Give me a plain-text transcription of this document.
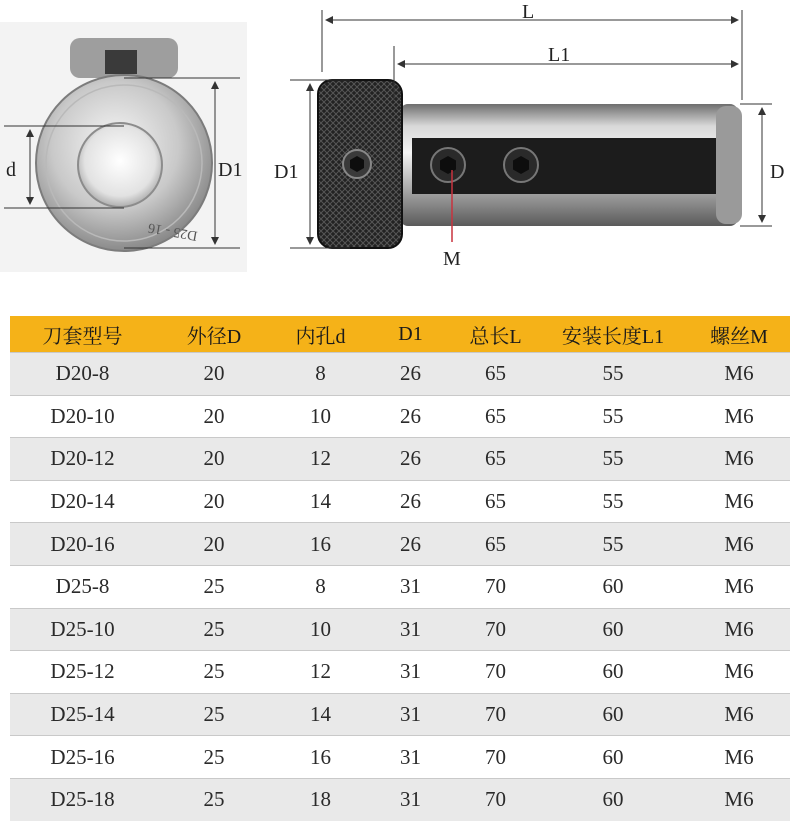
D25 - 16
d	D1
M
L
L1
D1	D
刀套型号	外径D	内孔d	D1	总长L	安装长度L1	螺丝M
D20-8	20	8	26	65	55	M6
D20-10	20	10	26	65	55	M6
D20-12	20	12	26	65	55	M6
D20-14	20	14	26	65	55	M6
D20-16	20	16	26	65	55	M6
D25-8	25	8	31	70	60	M6
D25-10	25	10	31	70	60	M6
D25-12	25	12	31	70	60	M6
D25-14	25	14	31	70	60	M6
D25-16	25	16	31	70	60	M6
D25-18	25	18	31	70	60	M6
